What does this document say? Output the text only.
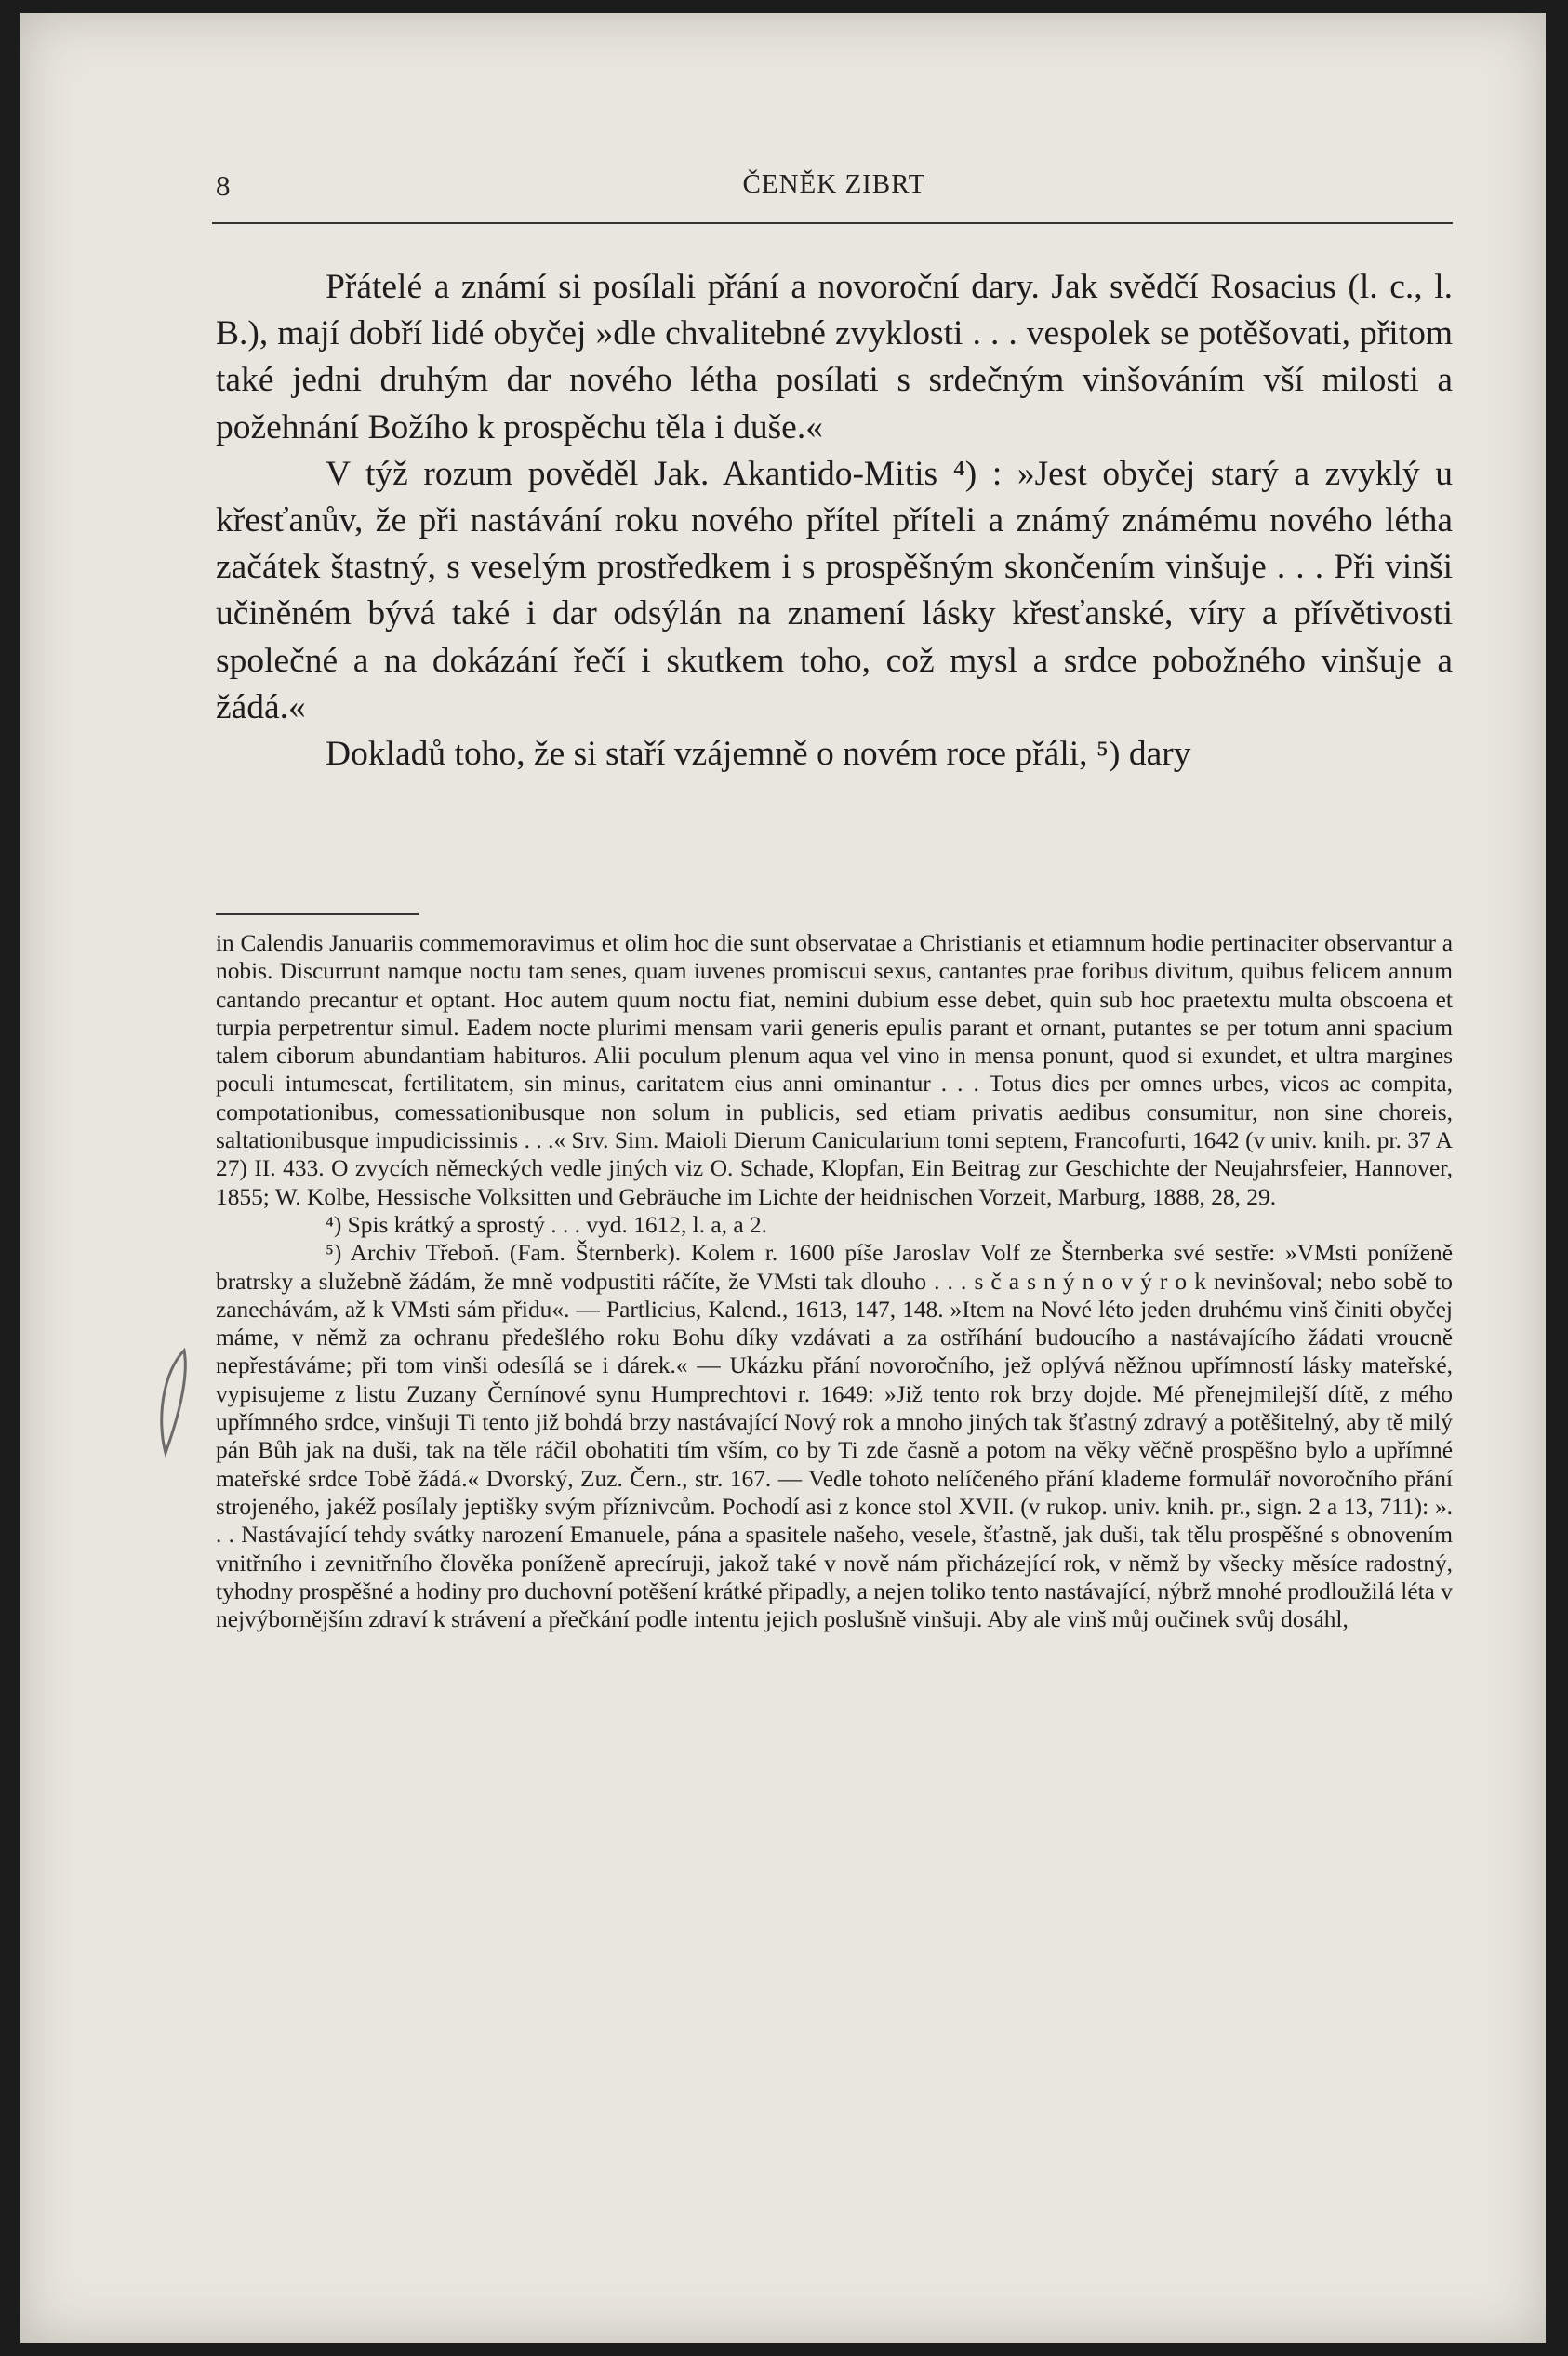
8	ČENĚK ZIBRT

Přátelé a známí si posílali přání a novoroční dary. Jak svědčí Rosacius (l. c., l. B.), mají dobří lidé obyčej »dle chvalitebné zvyklosti . . . vespolek se potěšovati, přitom také jedni druhým dar nového létha posílati s srdečným vinšováním vší milosti a požehnání Božího k prospěchu těla i duše.«

V týž rozum pověděl Jak. Akantido-Mitis ⁴) : »Jest obyčej starý a zvyklý u křesťanův, že při nastávání roku nového přítel příteli a známý známému nového létha začátek štastný, s veselým prostředkem i s prospěšným skončením vinšuje . . . Při vinši učiněném bývá také i dar odsýlán na znamení lásky křesťanské, víry a přívětivosti společné a na dokázání řečí i skutkem toho, což mysl a srdce pobožného vinšuje a žádá.«

Dokladů toho, že si staří vzájemně o novém roce přáli, ⁵) dary

in Calendis Januariis commemoravimus et olim hoc die sunt observatae a Christianis et etiamnum hodie pertinaciter observantur a nobis. Discurrunt namque noctu tam senes, quam iuvenes promiscui sexus, cantantes prae foribus divitum, quibus felicem annum cantando precantur et optant. Hoc autem quum noctu fiat, nemini dubium esse debet, quin sub hoc praetextu multa obscoena et turpia perpetrentur simul. Eadem nocte plurimi mensam varii generis epulis parant et ornant, putantes se per totum anni spacium talem ciborum abundantiam habituros. Alii poculum plenum aqua vel vino in mensa ponunt, quod si exundet, et ultra margines poculi intumescat, fertilitatem, sin minus, caritatem eius anni ominantur . . . Totus dies per omnes urbes, vicos ac compita, compotationibus, comessationibusque non solum in publicis, sed etiam privatis aedibus consumitur, non sine choreis, saltationibusque impudicissimis . . .« Srv. Sim. Maioli Dierum Canicularium tomi septem, Francofurti, 1642 (v univ. knih. pr. 37 A 27) II. 433. O zvycích německých vedle jiných viz O. Schade, Klopfan, Ein Beitrag zur Geschichte der Neujahrsfeier, Hannover, 1855; W. Kolbe, Hessische Volksitten und Gebräuche im Lichte der heidnischen Vorzeit, Marburg, 1888, 28, 29.

⁴) Spis krátký a sprostý . . . vyd. 1612, l. a, a 2.

⁵) Archiv Třeboň. (Fam. Šternberk). Kolem r. 1600 píše Jaroslav Volf ze Šternberka své sestře: »VMsti poníženě bratrsky a služebně žádám, že mně vodpustiti ráčíte, že VMsti tak dlouho . . . s č a s n ý n o v ý r o k nevinšoval; nebo sobě to zanechávám, až k VMsti sám přidu«. — Partlicius, Kalend., 1613, 147, 148. »Item na Nové léto jeden druhému vinš činiti obyčej máme, v němž za ochranu předešlého roku Bohu díky vzdávati a za ostříhání budoucího a nastávajícího žádati vroucně nepřestáváme; při tom vinši odesílá se i dárek.« — Ukázku přání novoročního, jež oplývá něžnou upřímností lásky mateřské, vypisujeme z listu Zuzany Černínové synu Humprechtovi r. 1649: »Již tento rok brzy dojde. Mé přenejmilejší dítě, z mého upřímného srdce, vinšuji Ti tento již bohdá brzy nastávající Nový rok a mnoho jiných tak šťastný zdravý a potěšitelný, aby tě milý pán Bůh jak na duši, tak na těle ráčil obohatiti tím vším, co by Ti zde časně a potom na věky věčně prospěšno bylo a upřímné mateřské srdce Tobě žádá.« Dvorský, Zuz. Čern., str. 167. — Vedle tohoto nelíčeného přání klademe formulář novoročního přání strojeného, jakéž posílaly jeptišky svým příznivcům. Pochodí asi z konce stol XVII. (v rukop. univ. knih. pr., sign. 2 a 13, 711): ». . . Nastávající tehdy svátky narození Emanuele, pána a spasitele našeho, vesele, šťastně, jak duši, tak tělu prospěšné s obnovením vnitřního i zevnitřního člověka poníženě aprecíruji, jakož také v nově nám přicházející rok, v němž by všecky měsíce radostný, tyhodny prospěšné a hodiny pro duchovní potěšení krátké připadly, a nejen toliko tento nastávající, nýbrž mnohé prodloužilá léta v nejvýbornějším zdraví k strávení a přečkání podle intentu jejich poslušně vinšuji. Aby ale vinš můj oučinek svůj dosáhl,
